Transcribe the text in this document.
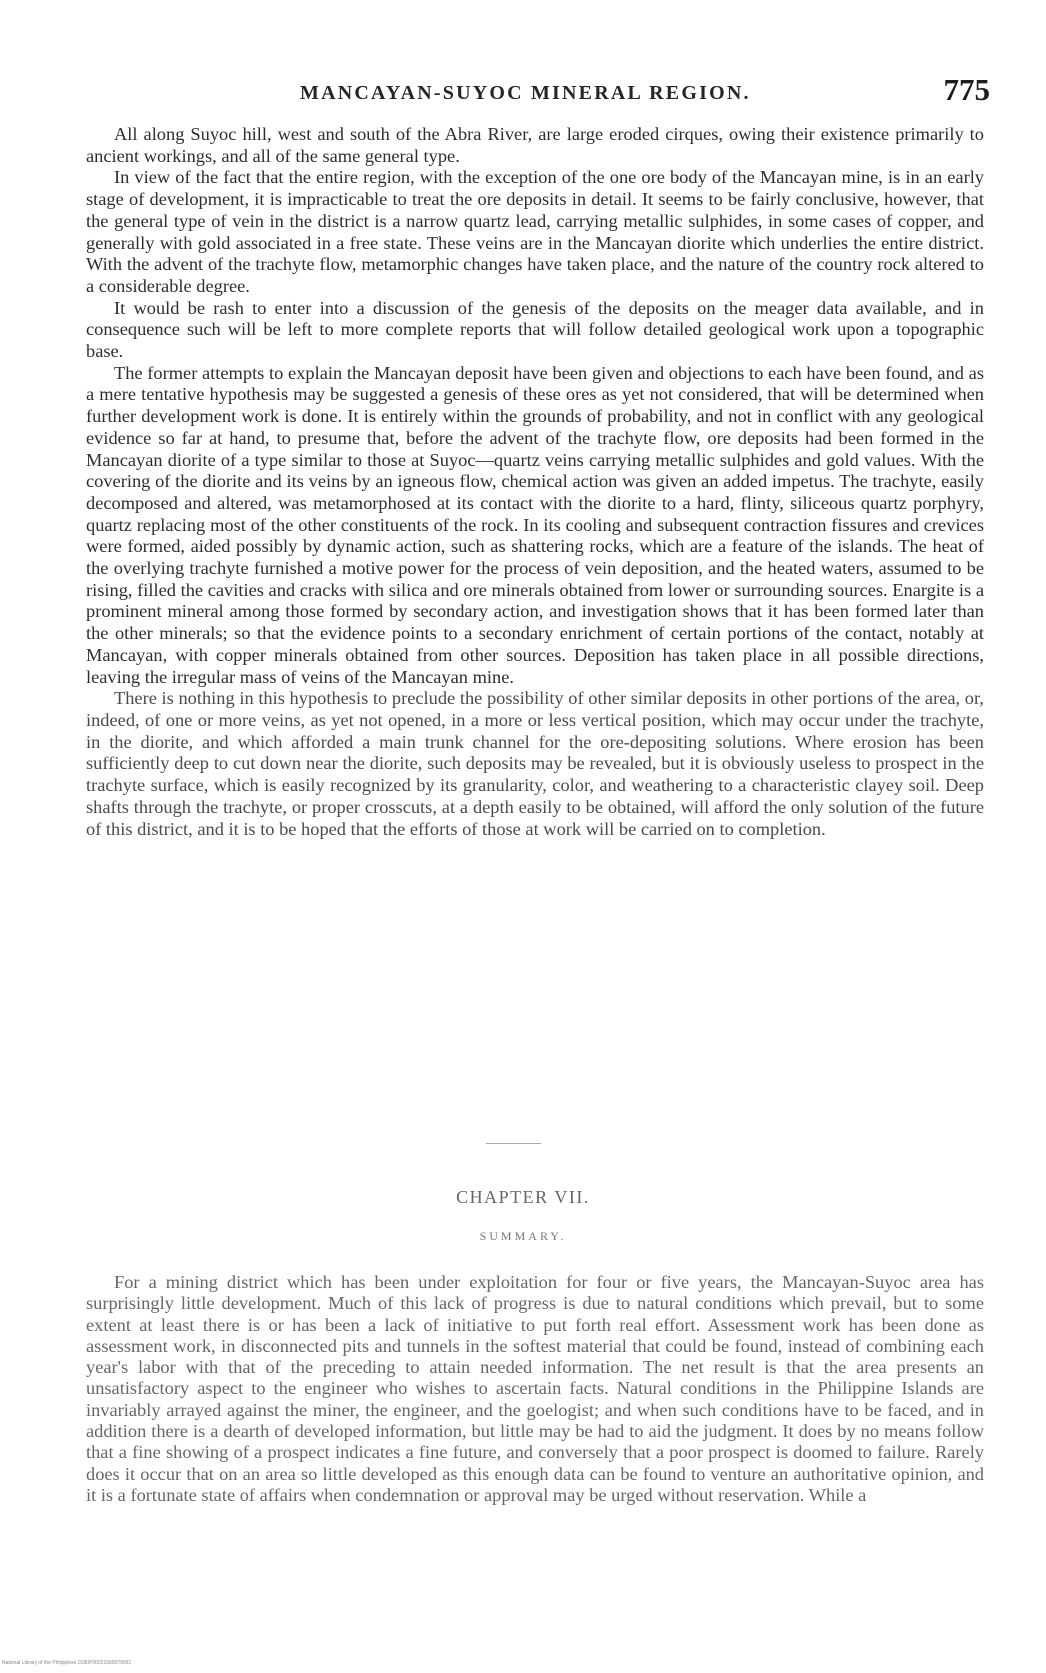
MANCAYAN-SUYOC MINERAL REGION.	775

All along Suyoc hill, west and south of the Abra River, are large eroded cirques, owing their existence primarily to ancient workings, and all of the same general type.

In view of the fact that the entire region, with the exception of the one ore body of the Mancayan mine, is in an early stage of development, it is impracticable to treat the ore deposits in detail. It seems to be fairly conclusive, however, that the general type of vein in the district is a narrow quartz lead, carrying metallic sulphides, in some cases of copper, and generally with gold associated in a free state. These veins are in the Mancayan diorite which underlies the entire district. With the advent of the trachyte flow, metamorphic changes have taken place, and the nature of the country rock altered to a considerable degree.

It would be rash to enter into a discussion of the genesis of the deposits on the meager data available, and in consequence such will be left to more complete reports that will follow detailed geological work upon a topographic base.

The former attempts to explain the Mancayan deposit have been given and objections to each have been found, and as a mere tentative hypothesis may be suggested a genesis of these ores as yet not considered, that will be determined when further development work is done. It is entirely within the grounds of probability, and not in conflict with any geological evidence so far at hand, to presume that, before the advent of the trachyte flow, ore deposits had been formed in the Mancayan diorite of a type similar to those at Suyoc—quartz veins carrying metallic sulphides and gold values. With the covering of the diorite and its veins by an igneous flow, chemical action was given an added impetus. The trachyte, easily decomposed and altered, was metamorphosed at its contact with the diorite to a hard, flinty, siliceous quartz porphyry, quartz replacing most of the other constituents of the rock. In its cooling and subsequent contraction fissures and crevices were formed, aided possibly by dynamic action, such as shattering rocks, which are a feature of the islands. The heat of the overlying trachyte furnished a motive power for the process of vein deposition, and the heated waters, assumed to be rising, filled the cavities and cracks with silica and ore minerals obtained from lower or surrounding sources. Enargite is a prominent mineral among those formed by secondary action, and investigation shows that it has been formed later than the other minerals; so that the evidence points to a secondary enrichment of certain portions of the contact, notably at Mancayan, with copper minerals obtained from other sources. Deposition has taken place in all possible directions, leaving the irregular mass of veins of the Mancayan mine.

There is nothing in this hypothesis to preclude the possibility of other similar deposits in other portions of the area, or, indeed, of one or more veins, as yet not opened, in a more or less vertical position, which may occur under the trachyte, in the diorite, and which afforded a main trunk channel for the ore-depositing solutions. Where erosion has been sufficiently deep to cut down near the diorite, such deposits may be revealed, but it is obviously useless to prospect in the trachyte surface, which is easily recognized by its granularity, color, and weathering to a characteristic clayey soil. Deep shafts through the trachyte, or proper crosscuts, at a depth easily to be obtained, will afford the only solution of the future of this district, and it is to be hoped that the efforts of those at work will be carried on to completion.

CHAPTER VII.
SUMMARY.

For a mining district which has been under exploitation for four or five years, the Mancayan-Suyoc area has surprisingly little development. Much of this lack of progress is due to natural conditions which prevail, but to some extent at least there is or has been a lack of initiative to put forth real effort. Assessment work has been done as assessment work, in disconnected pits and tunnels in the softest material that could be found, instead of combining each year's labor with that of the preceding to attain needed information. The net result is that the area presents an unsatisfactory aspect to the engineer who wishes to ascertain facts. Natural conditions in the Philippine Islands are invariably arrayed against the miner, the engineer, and the goelogist; and when such conditions have to be faced, and in addition there is a dearth of developed information, but little may be had to aid the judgment. It does by no means follow that a fine showing of a prospect indicates a fine future, and conversely that a poor prospect is doomed to failure. Rarely does it occur that on an area so little developed as this enough data can be found to venture an authoritative opinion, and it is a fortunate state of affairs when condemnation or approval may be urged without reservation. While a

National Library of the Philippines 0180P00021000079081
